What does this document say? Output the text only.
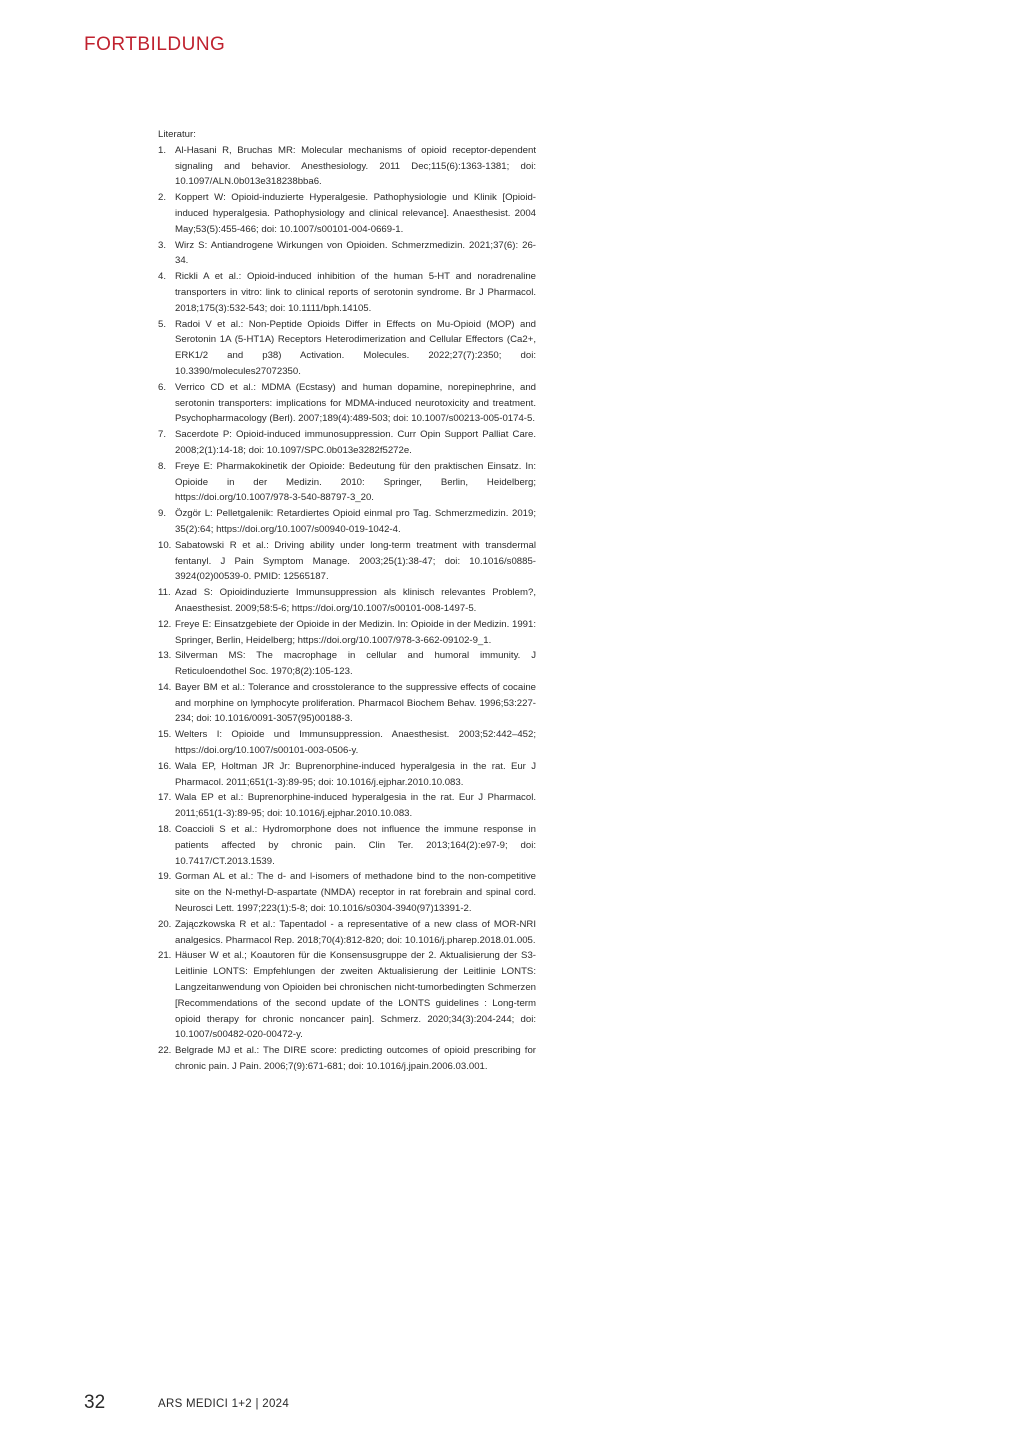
FORTBILDUNG

Literatur:

1. Al-Hasani R, Bruchas MR: Molecular mechanisms of opioid receptor-dependent signaling and behavior. Anesthesiology. 2011 Dec;115(6):1363-1381; doi: 10.1097/ALN.0b013e318238bba6.
2. Koppert W: Opioid-induzierte Hyperalgesie. Pathophysiologie und Klinik [Opioid-induced hyperalgesia. Pathophysiology and clinical relevance]. Anaesthesist. 2004 May;53(5):455-466; doi: 10.1007/s00101-004-0669-1.
3. Wirz S: Antiandrogene Wirkungen von Opioiden. Schmerzmedizin. 2021;37(6): 26-34.
4. Rickli A et al.: Opioid-induced inhibition of the human 5-HT and noradrenaline transporters in vitro: link to clinical reports of serotonin syndrome. Br J Pharmacol. 2018;175(3):532-543; doi: 10.1111/bph.14105.
5. Radoi V et al.: Non-Peptide Opioids Differ in Effects on Mu-Opioid (MOP) and Serotonin 1A (5-HT1A) Receptors Heterodimerization and Cellular Effectors (Ca2+, ERK1/2 and p38) Activation. Molecules. 2022;27(7):2350; doi: 10.3390/molecules27072350.
6. Verrico CD et al.: MDMA (Ecstasy) and human dopamine, norepinephrine, and serotonin transporters: implications for MDMA-induced neurotoxicity and treatment. Psychopharmacology (Berl). 2007;189(4):489-503; doi: 10.1007/s00213-005-0174-5.
7. Sacerdote P: Opioid-induced immunosuppression. Curr Opin Support Palliat Care. 2008;2(1):14-18; doi: 10.1097/SPC.0b013e3282f5272e.
8. Freye E: Pharmakokinetik der Opioide: Bedeutung für den praktischen Einsatz. In: Opioide in der Medizin. 2010: Springer, Berlin, Heidelberg; https://doi.org/10.1007/978-3-540-88797-3_20.
9. Özgör L: Pelletgalenik: Retardiertes Opioid einmal pro Tag. Schmerzmedizin. 2019; 35(2):64; https://doi.org/10.1007/s00940-019-1042-4.
10. Sabatowski R et al.: Driving ability under long-term treatment with transdermal fentanyl. J Pain Symptom Manage. 2003;25(1):38-47; doi: 10.1016/s0885-3924(02)00539-0. PMID: 12565187.
11. Azad S: Opioidinduzierte Immunsuppression als klinisch relevantes Problem?, Anaesthesist. 2009;58:5-6; https://doi.org/10.1007/s00101-008-1497-5.
12. Freye E: Einsatzgebiete der Opioide in der Medizin. In: Opioide in der Medizin. 1991: Springer, Berlin, Heidelberg; https://doi.org/10.1007/978-3-662-09102-9_1.
13. Silverman MS: The macrophage in cellular and humoral immunity. J Reticuloendothel Soc. 1970;8(2):105-123.
14. Bayer BM et al.: Tolerance and crosstolerance to the suppressive effects of cocaine and morphine on lymphocyte proliferation. Pharmacol Biochem Behav. 1996;53:227-234; doi: 10.1016/0091-3057(95)00188-3.
15. Welters I: Opioide und Immunsuppression. Anaesthesist. 2003;52:442–452; https://doi.org/10.1007/s00101-003-0506-y.
16. Wala EP, Holtman JR Jr: Buprenorphine-induced hyperalgesia in the rat. Eur J Pharmacol. 2011;651(1-3):89-95; doi: 10.1016/j.ejphar.2010.10.083.
17. Wala EP et al.: Buprenorphine-induced hyperalgesia in the rat. Eur J Pharmacol. 2011;651(1-3):89-95; doi: 10.1016/j.ejphar.2010.10.083.
18. Coaccioli S et al.: Hydromorphone does not influence the immune response in patients affected by chronic pain. Clin Ter. 2013;164(2):e97-9; doi: 10.7417/CT.2013.1539.
19. Gorman AL et al.: The d- and l-isomers of methadone bind to the non-competitive site on the N-methyl-D-aspartate (NMDA) receptor in rat forebrain and spinal cord. Neurosci Lett. 1997;223(1):5-8; doi: 10.1016/s0304-3940(97)13391-2.
20. Zajączkowska R et al.: Tapentadol - a representative of a new class of MOR-NRI analgesics. Pharmacol Rep. 2018;70(4):812-820; doi: 10.1016/j.pharep.2018.01.005.
21. Häuser W et al.; Koautoren für die Konsensusgruppe der 2. Aktualisierung der S3-Leitlinie LONTS: Empfehlungen der zweiten Aktualisierung der Leitlinie LONTS: Langzeitanwendung von Opioiden bei chronischen nicht-tumorbedingten Schmerzen [Recommendations of the second update of the LONTS guidelines : Long-term opioid therapy for chronic noncancer pain]. Schmerz. 2020;34(3):204-244; doi: 10.1007/s00482-020-00472-y.
22. Belgrade MJ et al.: The DIRE score: predicting outcomes of opioid prescribing for chronic pain. J Pain. 2006;7(9):671-681; doi: 10.1016/j.jpain.2006.03.001.
32	ARS MEDICI 1+2 | 2024
